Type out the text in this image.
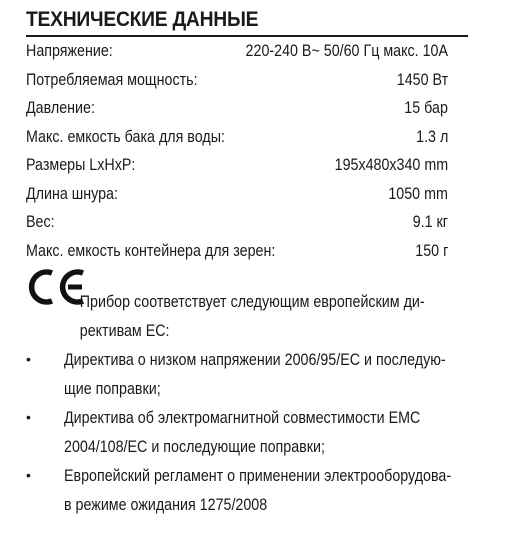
ТЕХНИЧЕСКИЕ ДАННЫЕ
Напряжение:	220-240 В~ 50/60 Гц макс. 10А
Потребляемая мощность:	1450 Вт
Давление:	15 бар
Макс. емкость бака для воды:	1.3 л
Размеры LxHxP:	195x480x340 mm
Длина шнура:	1050 mm
Вес:	9.1 кг
Макс. емкость контейнера для зерен:	150 г
Прибор соответствует следующим европейским ди-
рективам ЕС:
• Директива о низком напряжении 2006/95/ЕС и последую-
щие поправки;
• Директива об электромагнитной совместимости ЕМС
2004/108/ЕС и последующие поправки;
• Европейский регламент о применении электрооборудова-
в режиме ожидания 1275/2008
